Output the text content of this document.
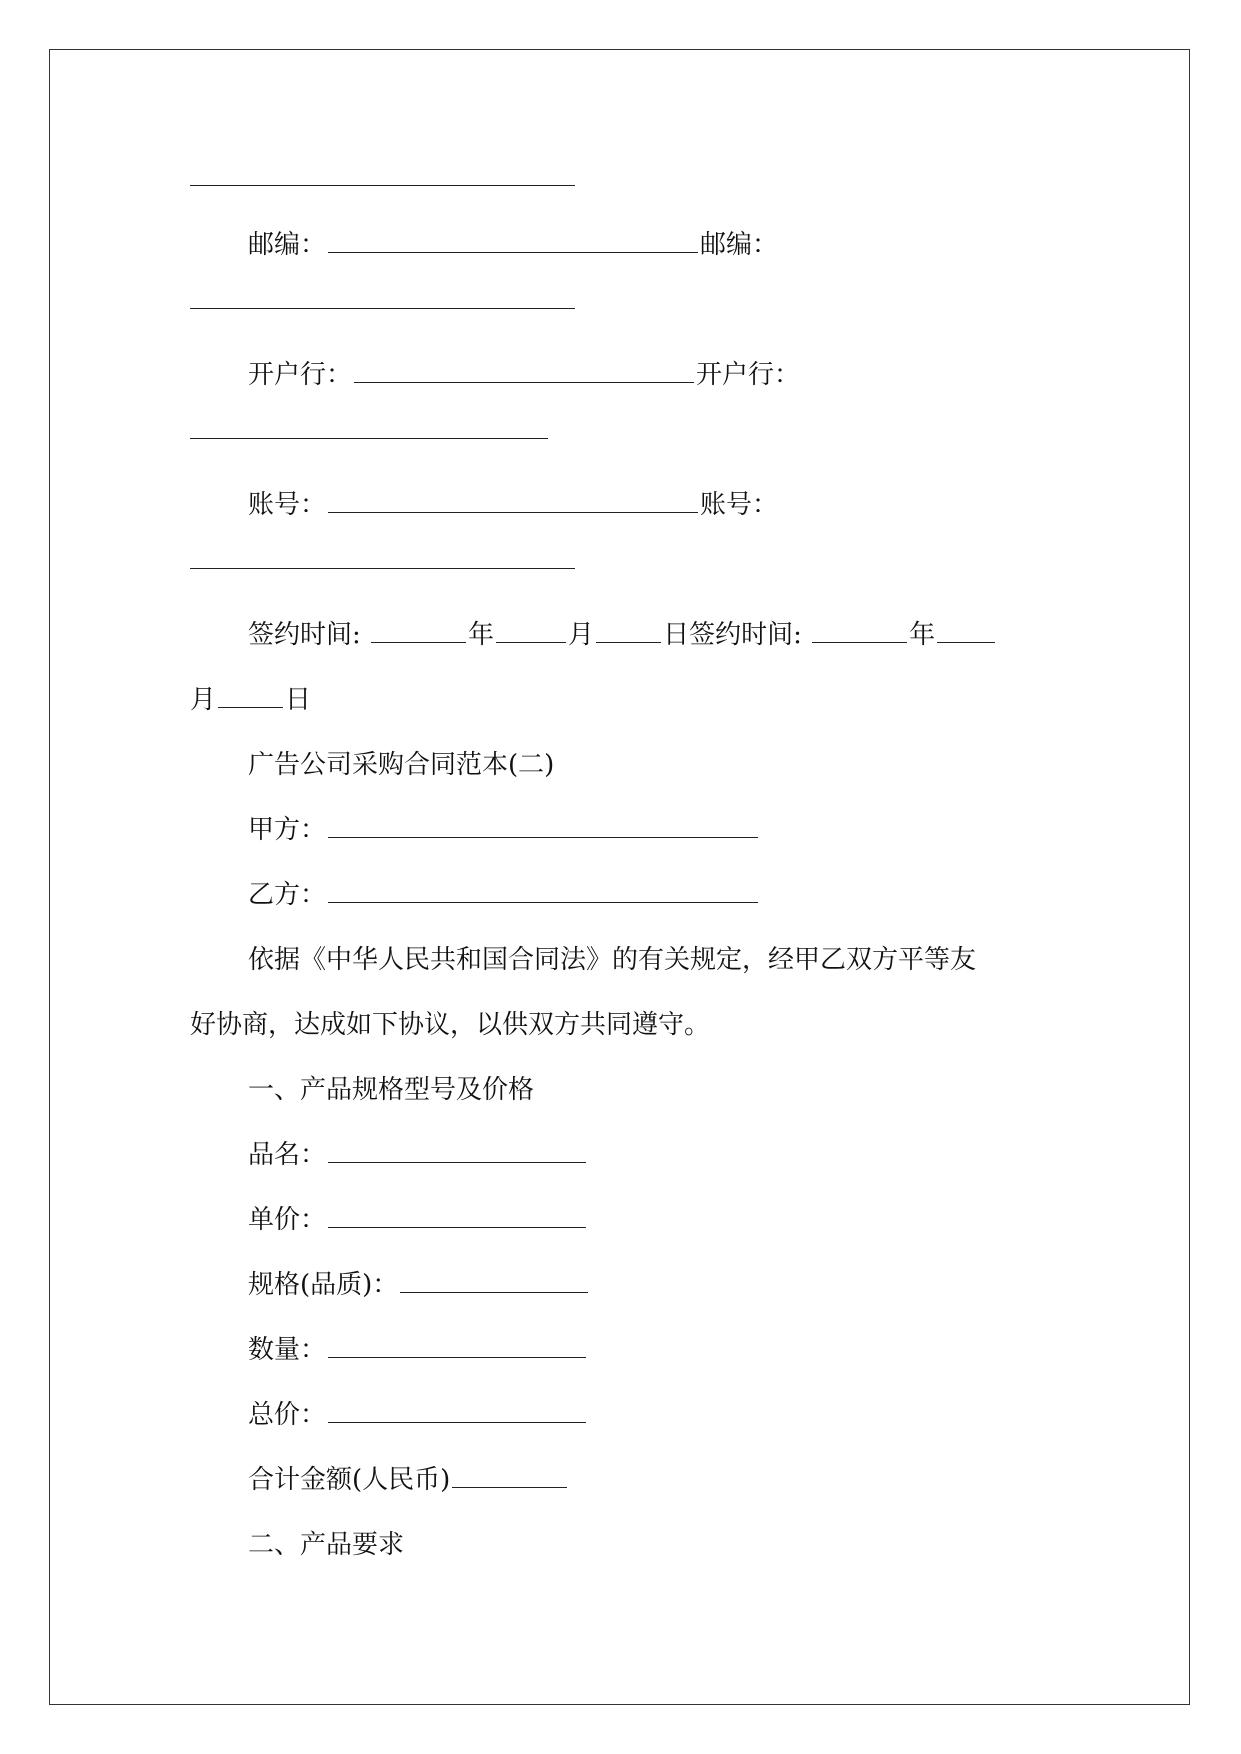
邮编：	邮编：
开户行：	开户行：
账号：	账号：
签约时间:	年	月	日签约时间:	年
月	日
广告公司采购合同范本(二)
甲方：
乙方：
依据《中华人民共和国合同法》的有关规定，经甲乙双方平等友
好协商，达成如下协议，以供双方共同遵守。
一、产品规格型号及价格
品名：
单价：
规格(品质)：
数量：
总价：
合计金额(人民币)
二、产品要求
